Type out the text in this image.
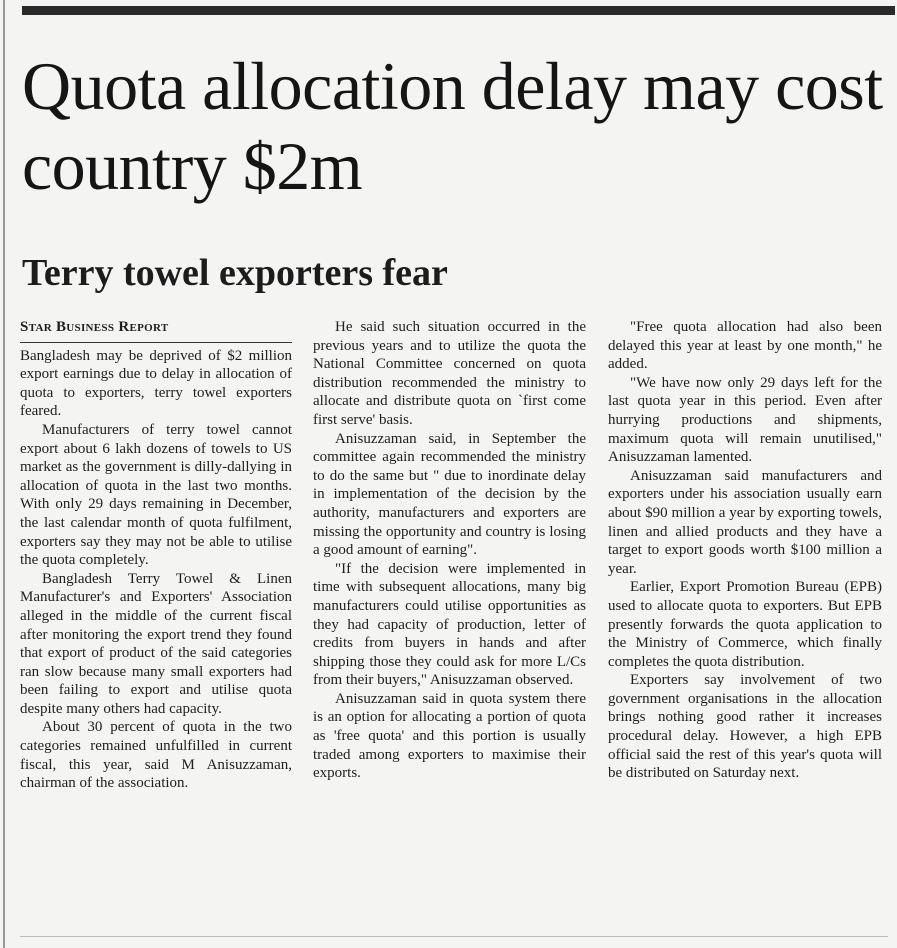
Quota allocation delay may cost country $2m
Terry towel exporters fear
Star Business Report

Bangladesh may be deprived of $2 million export earnings due to delay in allocation of quota to exporters, terry towel exporters feared.

Manufacturers of terry towel cannot export about 6 lakh dozens of towels to US market as the government is dilly-dallying in allocation of quota in the last two months. With only 29 days remaining in December, the last calendar month of quota fulfilment, exporters say they may not be able to utilise the quota completely.

Bangladesh Terry Towel & Linen Manufacturer's and Exporters' Association alleged in the middle of the current fiscal after monitoring the export trend they found that export of product of the said categories ran slow because many small exporters had been failing to export and utilise quota despite many others had capacity.

About 30 percent of quota in the two categories remained unfulfilled in current fiscal, this year, said M Anisuzzaman, chairman of the association.

He said such situation occurred in the previous years and to utilize the quota the National Committee concerned on quota distribution recommended the ministry to allocate and distribute quota on `first come first serve' basis.

Anisuzzaman said, in September the committee again recommended the ministry to do the same but " due to inordinate delay in implementation of the decision by the authority, manufacturers and exporters are missing the opportunity and country is losing a good amount of earning".

"If the decision were implemented in time with subsequent allocations, many big manufacturers could utilise opportunities as they had capacity of production, letter of credits from buyers in hands and after shipping those they could ask for more L/Cs from their buyers," Anisuzzaman observed.

Anisuzzaman said in quota system there is an option for allocating a portion of quota as 'free quota' and this portion is usually traded among exporters to maximise their exports.

"Free quota allocation had also been delayed this year at least by one month," he added.

"We have now only 29 days left for the last quota year in this period. Even after hurrying productions and shipments, maximum quota will remain unutilised," Anisuzzaman lamented.

Anisuzzaman said manufacturers and exporters under his association usually earn about $90 million a year by exporting towels, linen and allied products and they have a target to export goods worth $100 million a year.

Earlier, Export Promotion Bureau (EPB) used to allocate quota to exporters. But EPB presently forwards the quota application to the Ministry of Commerce, which finally completes the quota distribution.

Exporters say involvement of two government organisations in the allocation brings nothing good rather it increases procedural delay. However, a high EPB official said the rest of this year's quota will be distributed on Saturday next.
